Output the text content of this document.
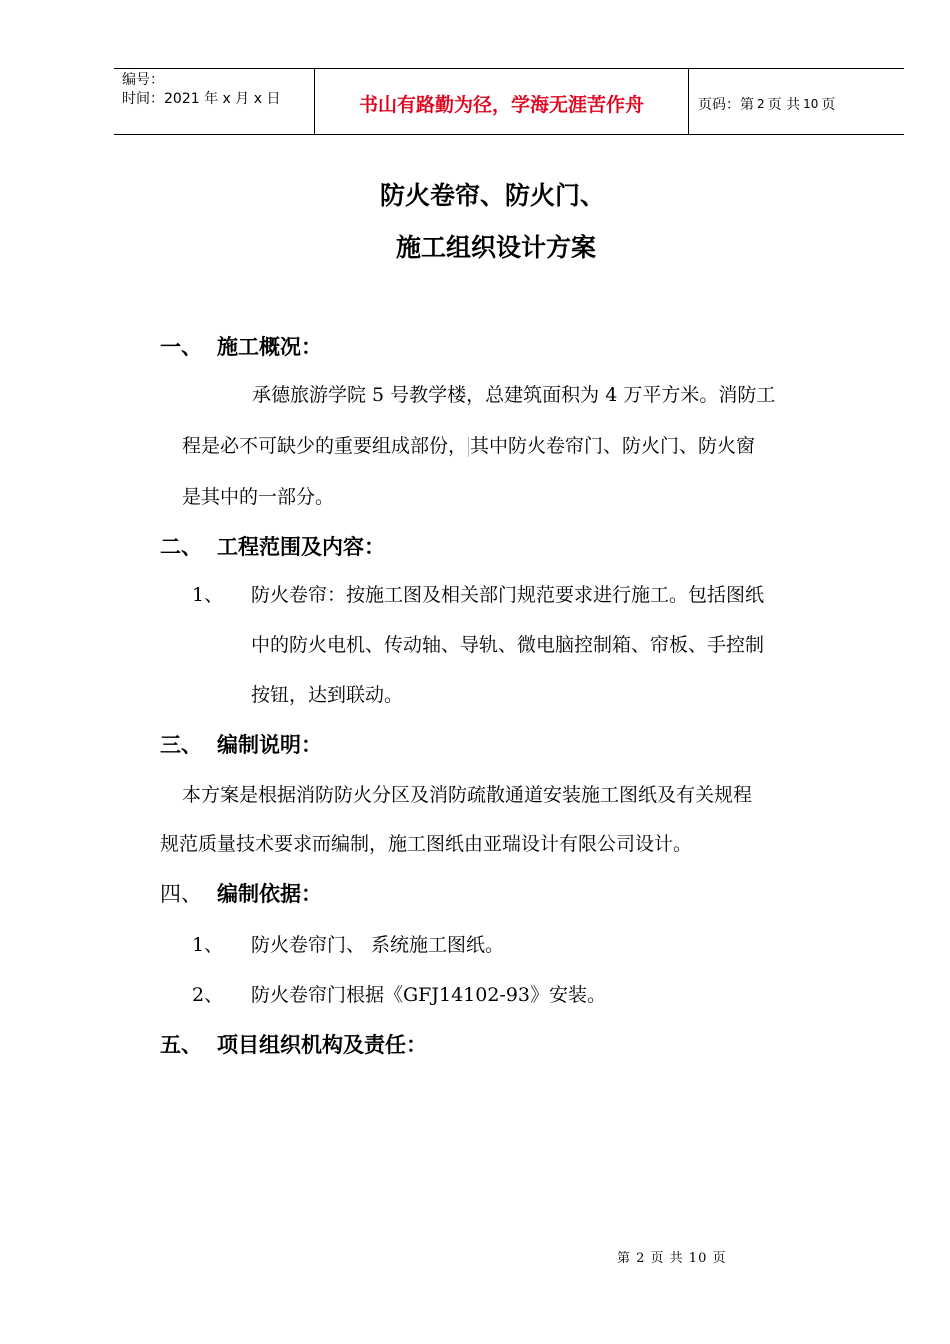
编号：
时间：2021 年 x 月 x 日	书山有路勤为径，学海无涯苦作舟	页码：第 2 页 共 10 页
防火卷帘、防火门、
施工组织设计方案
一、 施工概况：
承德旅游学院 5 号教学楼，总建筑面积为 4 万平方米。消防工
程是必不可缺少的重要组成部份， 其中防火卷帘门、防火门、防火窗
是其中的一部分。
二、 工程范围及内容：
1、 防火卷帘：按施工图及相关部门规范要求进行施工。包括图纸
中的防火电机、传动轴、导轨、微电脑控制箱、帘板、手控制
按钮，达到联动。
三、 编制说明：
本方案是根据消防防火分区及消防疏散通道安装施工图纸及有关规程
规范质量技术要求而编制，施工图纸由亚瑞设计有限公司设计。
四、 编制依据：
1、 防火卷帘门、 系统施工图纸。
2、 防火卷帘门根据《GFJ14102-93》安装。
五、 项目组织机构及责任：
第 2 页 共 10 页
